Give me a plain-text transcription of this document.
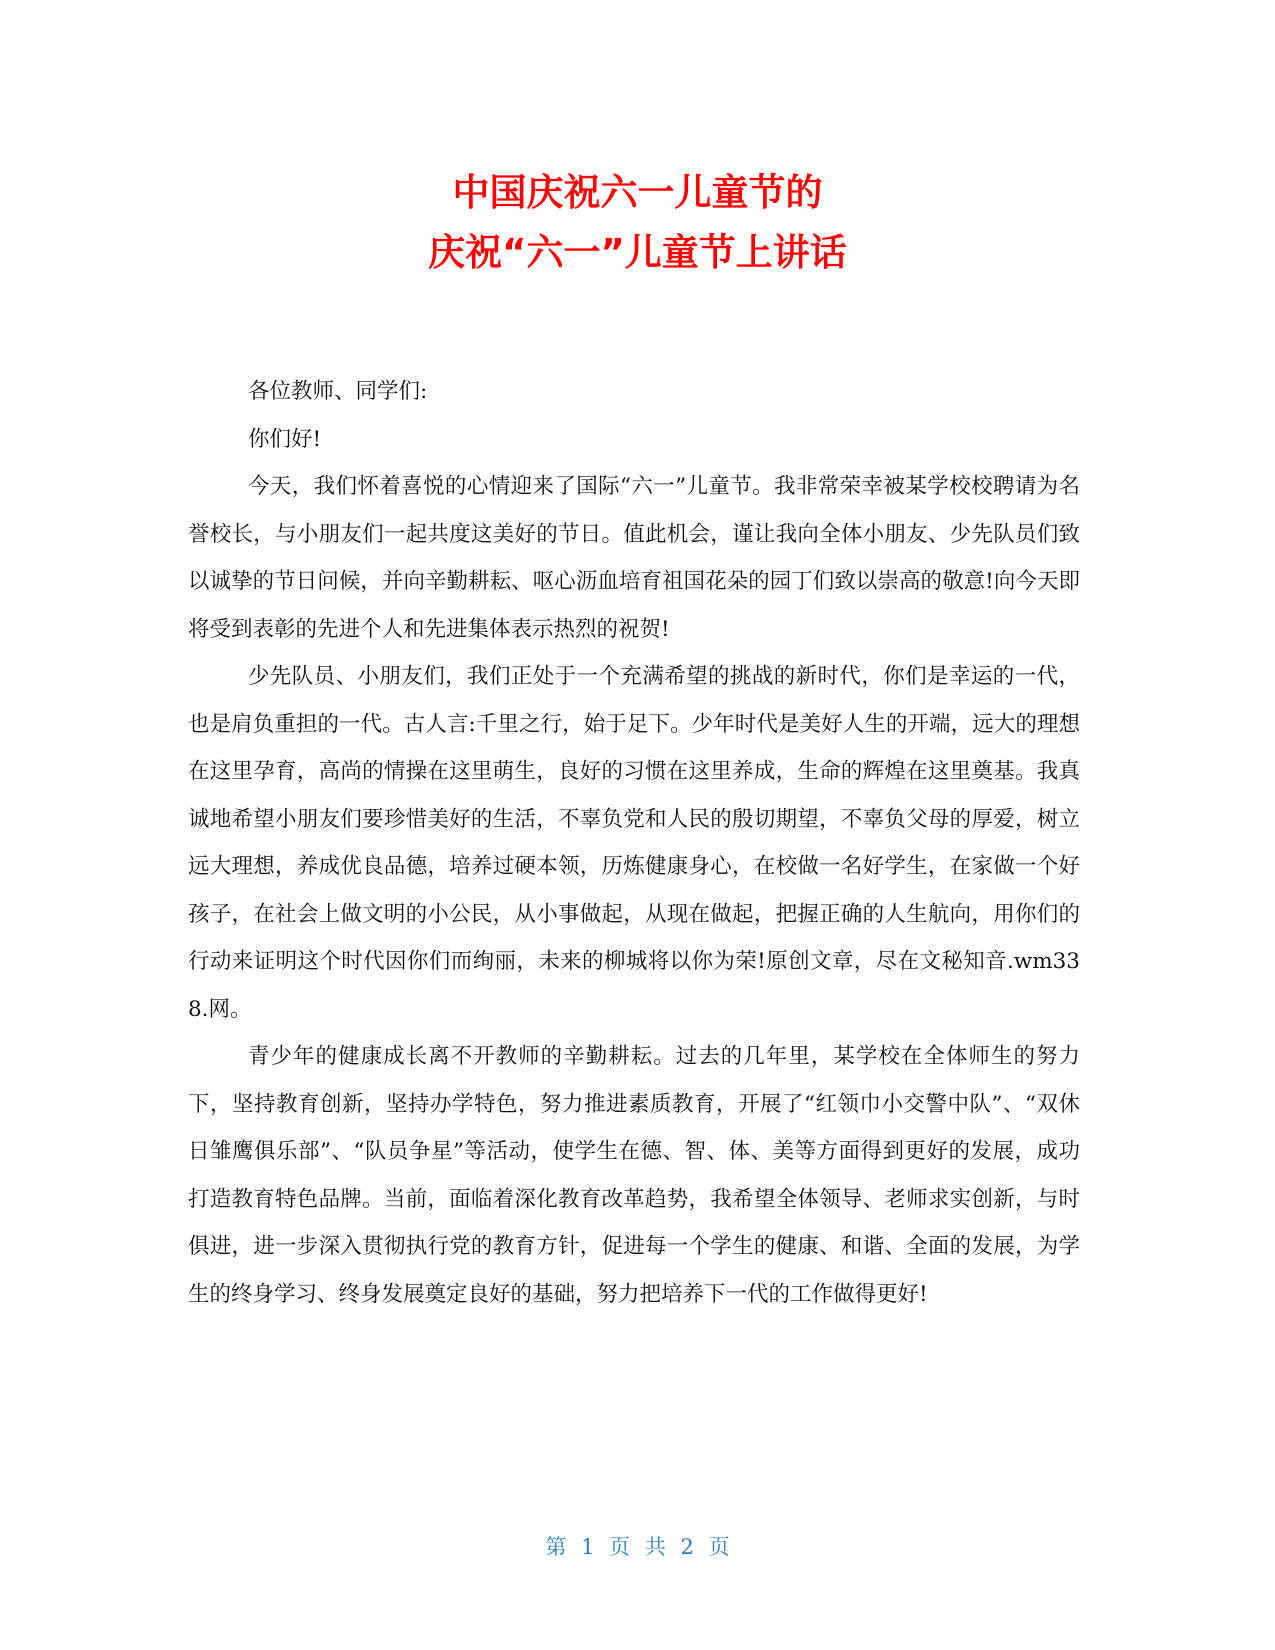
中国庆祝六一儿童节的
庆祝“六一”儿童节上讲话

各位教师、同学们:

你们好!

今天，我们怀着喜悦的心情迎来了国际“六一”儿童节。我非常荣幸被某学校校聘请为名誉校长，与小朋友们一起共度这美好的节日。值此机会，谨让我向全体小朋友、少先队员们致以诚挚的节日问候，并向辛勤耕耘、呕心沥血培育祖国花朵的园丁们致以崇高的敬意!向今天即将受到表彰的先进个人和先进集体表示热烈的祝贺!

少先队员、小朋友们，我们正处于一个充满希望的挑战的新时代，你们是幸运的一代，也是肩负重担的一代。古人言:千里之行，始于足下。少年时代是美好人生的开端，远大的理想在这里孕育，高尚的情操在这里萌生，良好的习惯在这里养成，生命的辉煌在这里奠基。我真诚地希望小朋友们要珍惜美好的生活，不辜负党和人民的殷切期望，不辜负父母的厚爱，树立远大理想，养成优良品德，培养过硬本领，历炼健康身心，在校做一名好学生，在家做一个好孩子，在社会上做文明的小公民，从小事做起，从现在做起，把握正确的人生航向，用你们的行动来证明这个时代因你们而绚丽，未来的柳城将以你为荣!原创文章，尽在文秘知音.wm338.网。

青少年的健康成长离不开教师的辛勤耕耘。过去的几年里，某学校在全体师生的努力下，坚持教育创新，坚持办学特色，努力推进素质教育，开展了“红领巾小交警中队”、“双休日雏鹰俱乐部”、“队员争星”等活动，使学生在德、智、体、美等方面得到更好的发展，成功打造教育特色品牌。当前，面临着深化教育改革趋势，我希望全体领导、老师求实创新，与时俱进，进一步深入贯彻执行党的教育方针，促进每一个学生的健康、和谐、全面的发展，为学生的终身学习、终身发展奠定良好的基础，努力把培养下一代的工作做得更好!

第 1 页 共 2 页
